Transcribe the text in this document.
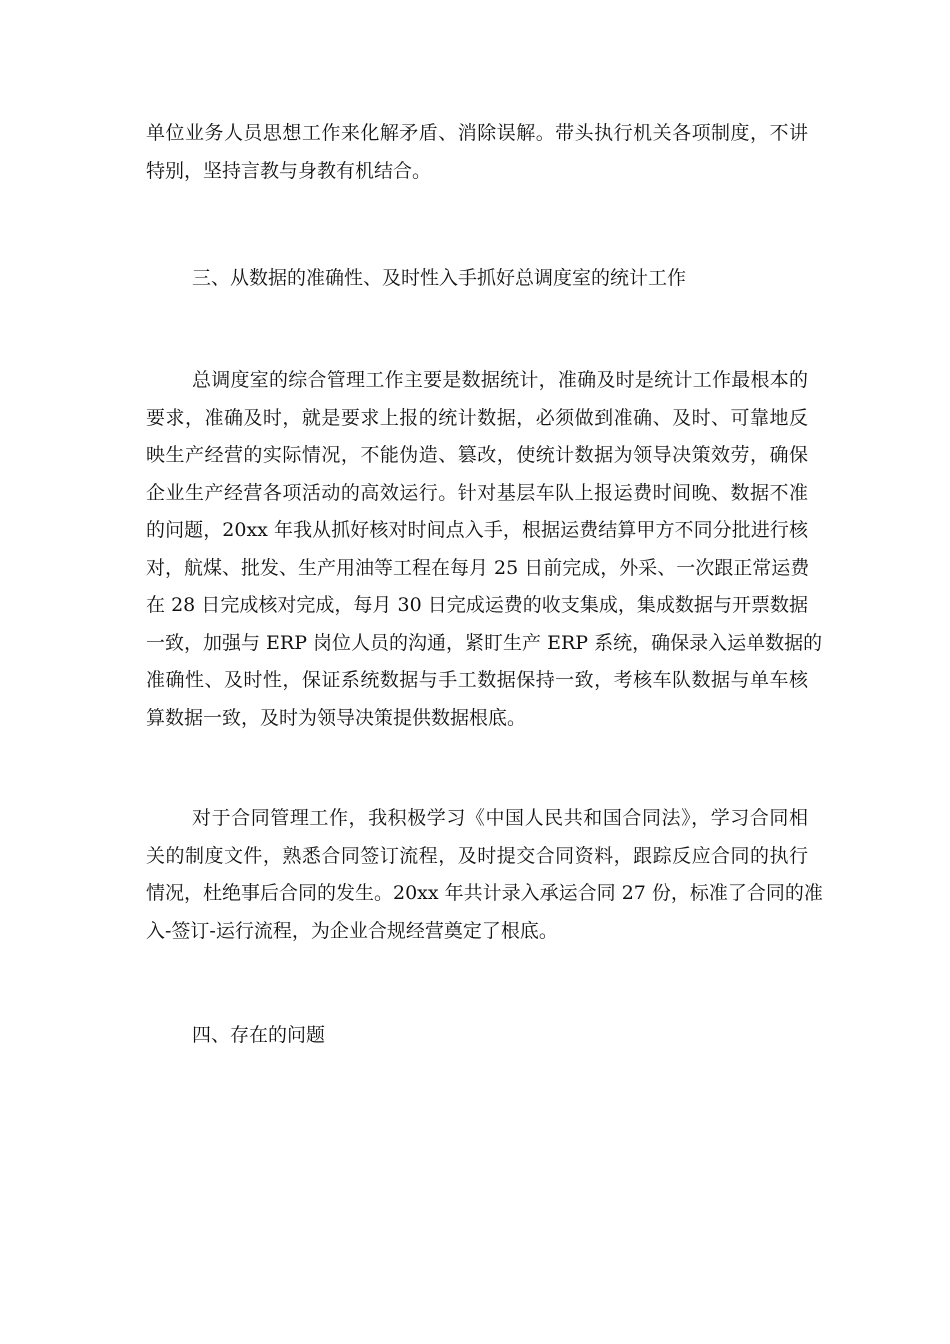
单位业务人员思想工作来化解矛盾、消除误解。带头执行机关各项制度，不讲
特别，坚持言教与身教有机结合。
三、从数据的准确性、及时性入手抓好总调度室的统计工作
总调度室的综合管理工作主要是数据统计，准确及时是统计工作最根本的
要求，准确及时，就是要求上报的统计数据，必须做到准确、及时、可靠地反
映生产经营的实际情况，不能伪造、篡改，使统计数据为领导决策效劳，确保
企业生产经营各项活动的高效运行。针对基层车队上报运费时间晚、数据不准
的问题，20xx 年我从抓好核对时间点入手，根据运费结算甲方不同分批进行核
对，航煤、批发、生产用油等工程在每月 25 日前完成，外采、一次跟正常运费
在 28 日完成核对完成，每月 30 日完成运费的收支集成，集成数据与开票数据
一致，加强与 ERP 岗位人员的沟通，紧盯生产 ERP 系统，确保录入运单数据的
准确性、及时性，保证系统数据与手工数据保持一致，考核车队数据与单车核
算数据一致，及时为领导决策提供数据根底。
对于合同管理工作，我积极学习《中国人民共和国合同法》，学习合同相
关的制度文件，熟悉合同签订流程，及时提交合同资料，跟踪反应合同的执行
情况，杜绝事后合同的发生。20xx 年共计录入承运合同 27 份，标准了合同的准
入-签订-运行流程，为企业合规经营奠定了根底。
四、存在的问题
